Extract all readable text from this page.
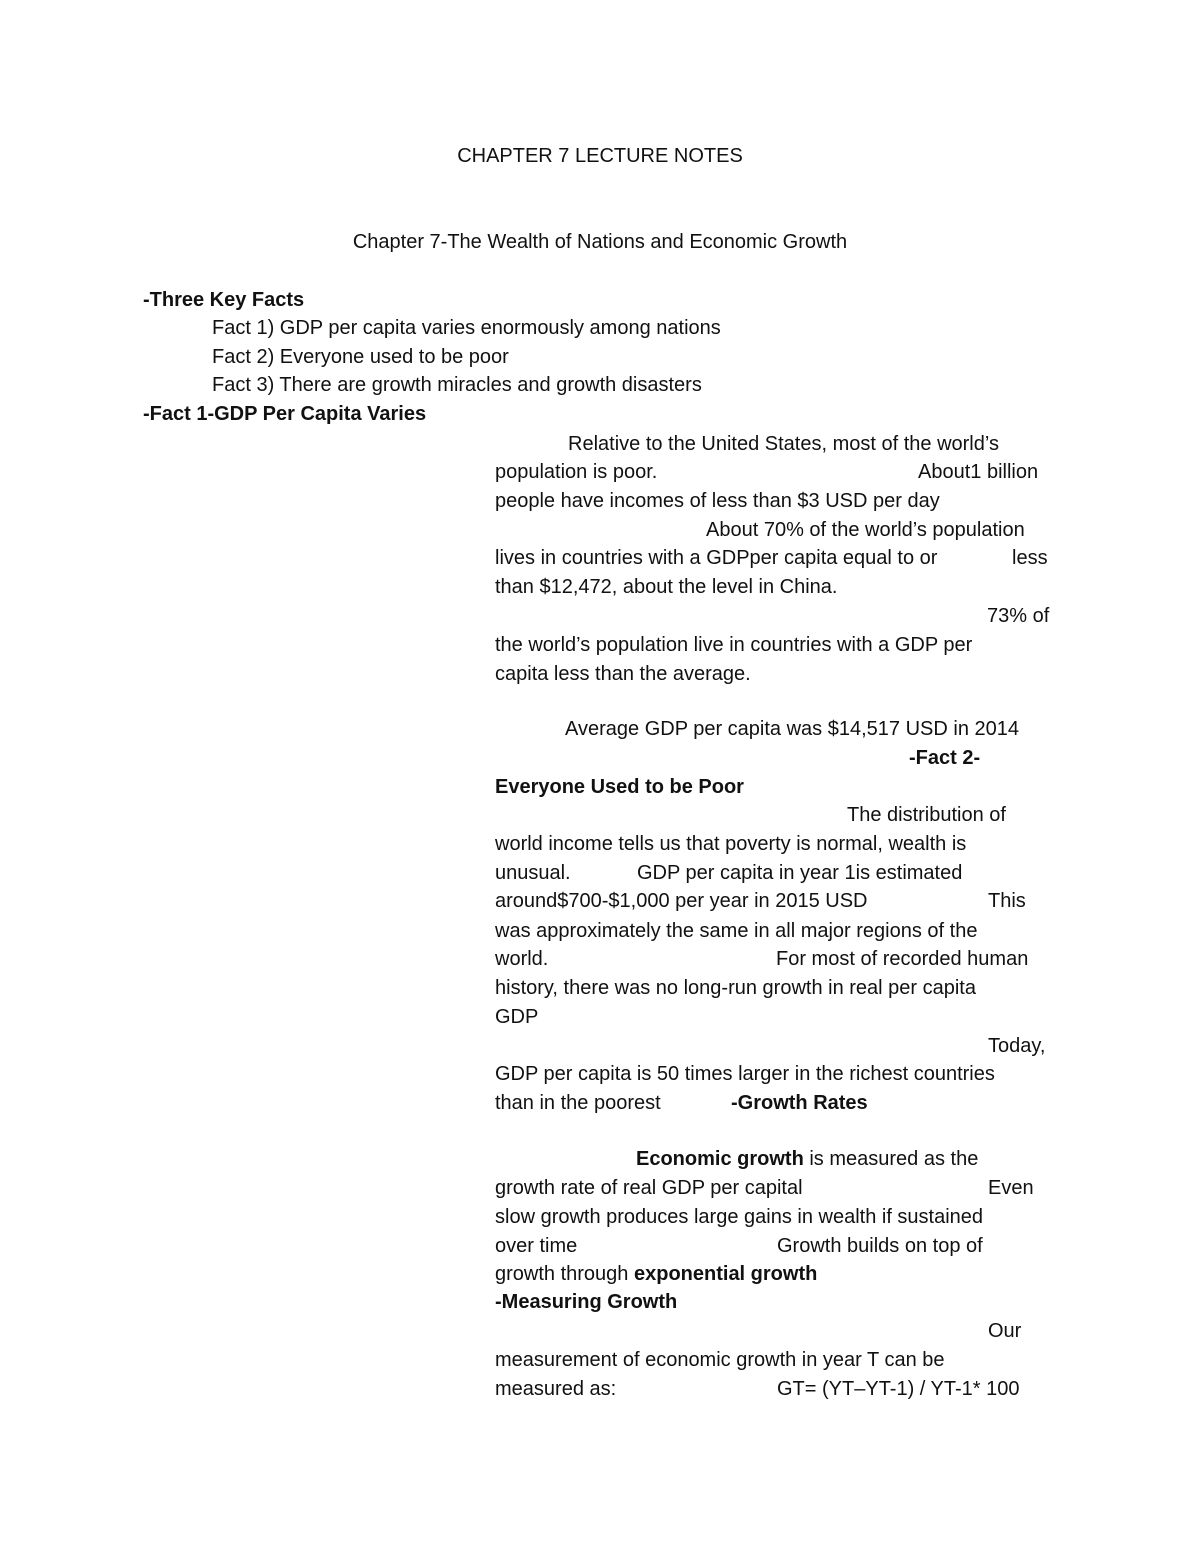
CHAPTER 7 LECTURE NOTES
Chapter 7-The Wealth of Nations and Economic Growth
-Three Key Facts
Fact 1) GDP per capita varies enormously among nations
Fact 2) Everyone used to be poor
Fact 3) There are growth miracles and growth disasters
-Fact 1-GDP Per Capita Varies
Relative to the United States, most of the world’s
population is poor.	About1 billion
people have incomes of less than $3 USD per day
About 70% of the world’s population
lives in countries with a GDPper capita equal to or	less
than $12,472, about the level in China.
73% of
the world’s population live in countries with a GDP per
capita less than the average.
Average GDP per capita was $14,517 USD in 2014
-Fact 2-
Everyone Used to be Poor
The distribution of
world income tells us that poverty is normal, wealth is
unusual.	GDP per capita in year 1is estimated
around$700-$1,000 per year in 2015 USD	This
was approximately the same in all major regions of the
world.	For most of recorded human
history, there was no long-run growth in real per capita
GDP
Today,
GDP per capita is 50 times larger in the richest countries
than in the poorest	-Growth Rates
Economic growth is measured as the
growth rate of real GDP per capital	Even
slow growth produces large gains in wealth if sustained
over time	Growth builds on top of
growth through exponential growth
-Measuring Growth
Our
measurement of economic growth in year T can be
measured as:	GT= (YT–YT-1) / YT-1* 100
